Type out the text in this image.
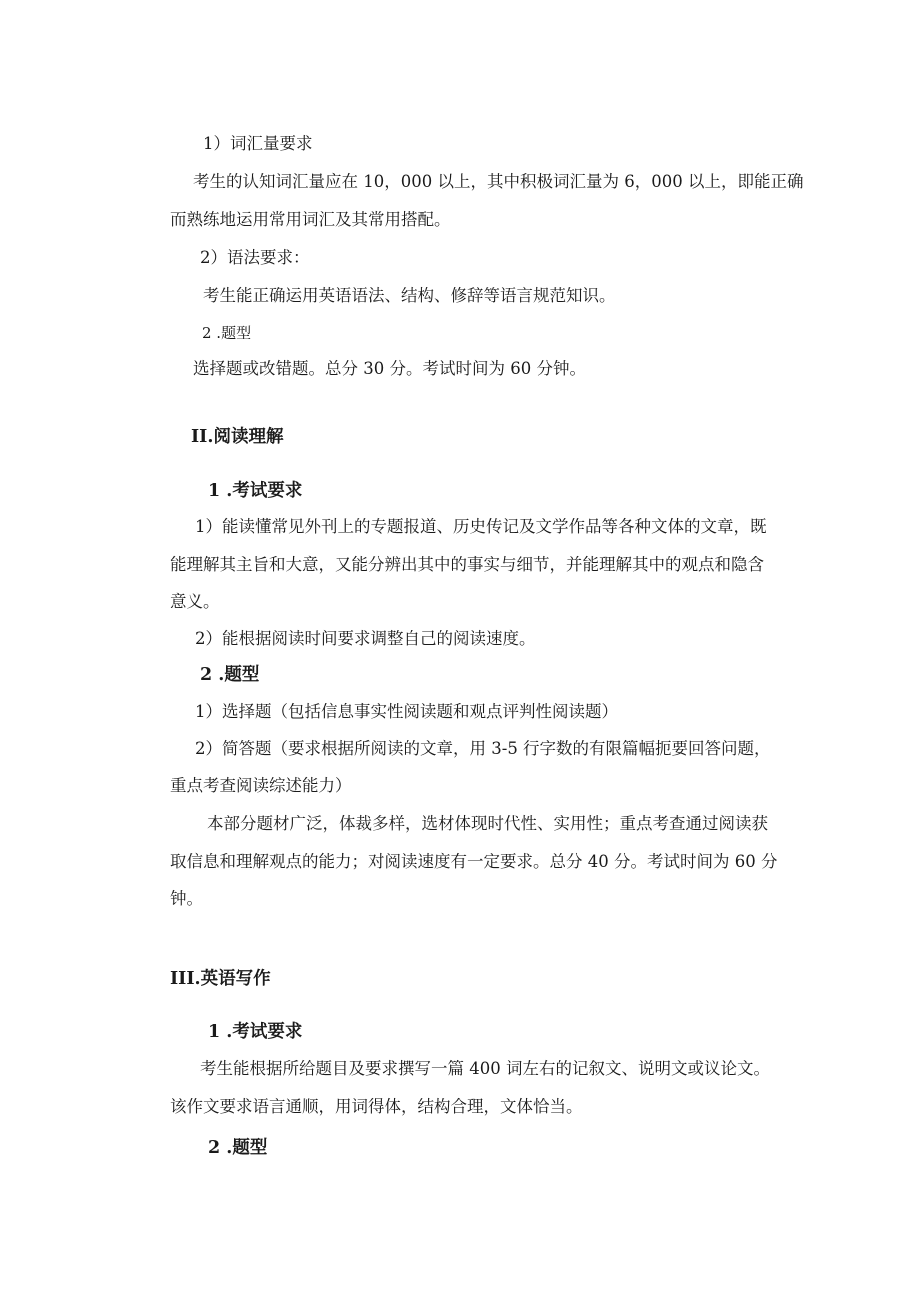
1）词汇量要求
考生的认知词汇量应在 10，000 以上，其中积极词汇量为 6，000 以上，即能正确
而熟练地运用常用词汇及其常用搭配。
2）语法要求：
考生能正确运用英语语法、结构、修辞等语言规范知识。
2 .题型
选择题或改错题。总分 30 分。考试时间为 60 分钟。
II.阅读理解
1 .考试要求
1）能读懂常见外刊上的专题报道、历史传记及文学作品等各种文体的文章，既
能理解其主旨和大意，又能分辨出其中的事实与细节，并能理解其中的观点和隐含
意义。
2）能根据阅读时间要求调整自己的阅读速度。
2 .题型
1）选择题（包括信息事实性阅读题和观点评判性阅读题）
2）简答题（要求根据所阅读的文章，用 3-5 行字数的有限篇幅扼要回答问题，
重点考查阅读综述能力）
本部分题材广泛，体裁多样，选材体现时代性、实用性；重点考查通过阅读获
取信息和理解观点的能力；对阅读速度有一定要求。总分 40 分。考试时间为 60 分
钟。
III.英语写作
1 .考试要求
考生能根据所给题目及要求撰写一篇 400 词左右的记叙文、说明文或议论文。
该作文要求语言通顺，用词得体，结构合理，文体恰当。
2 .题型
